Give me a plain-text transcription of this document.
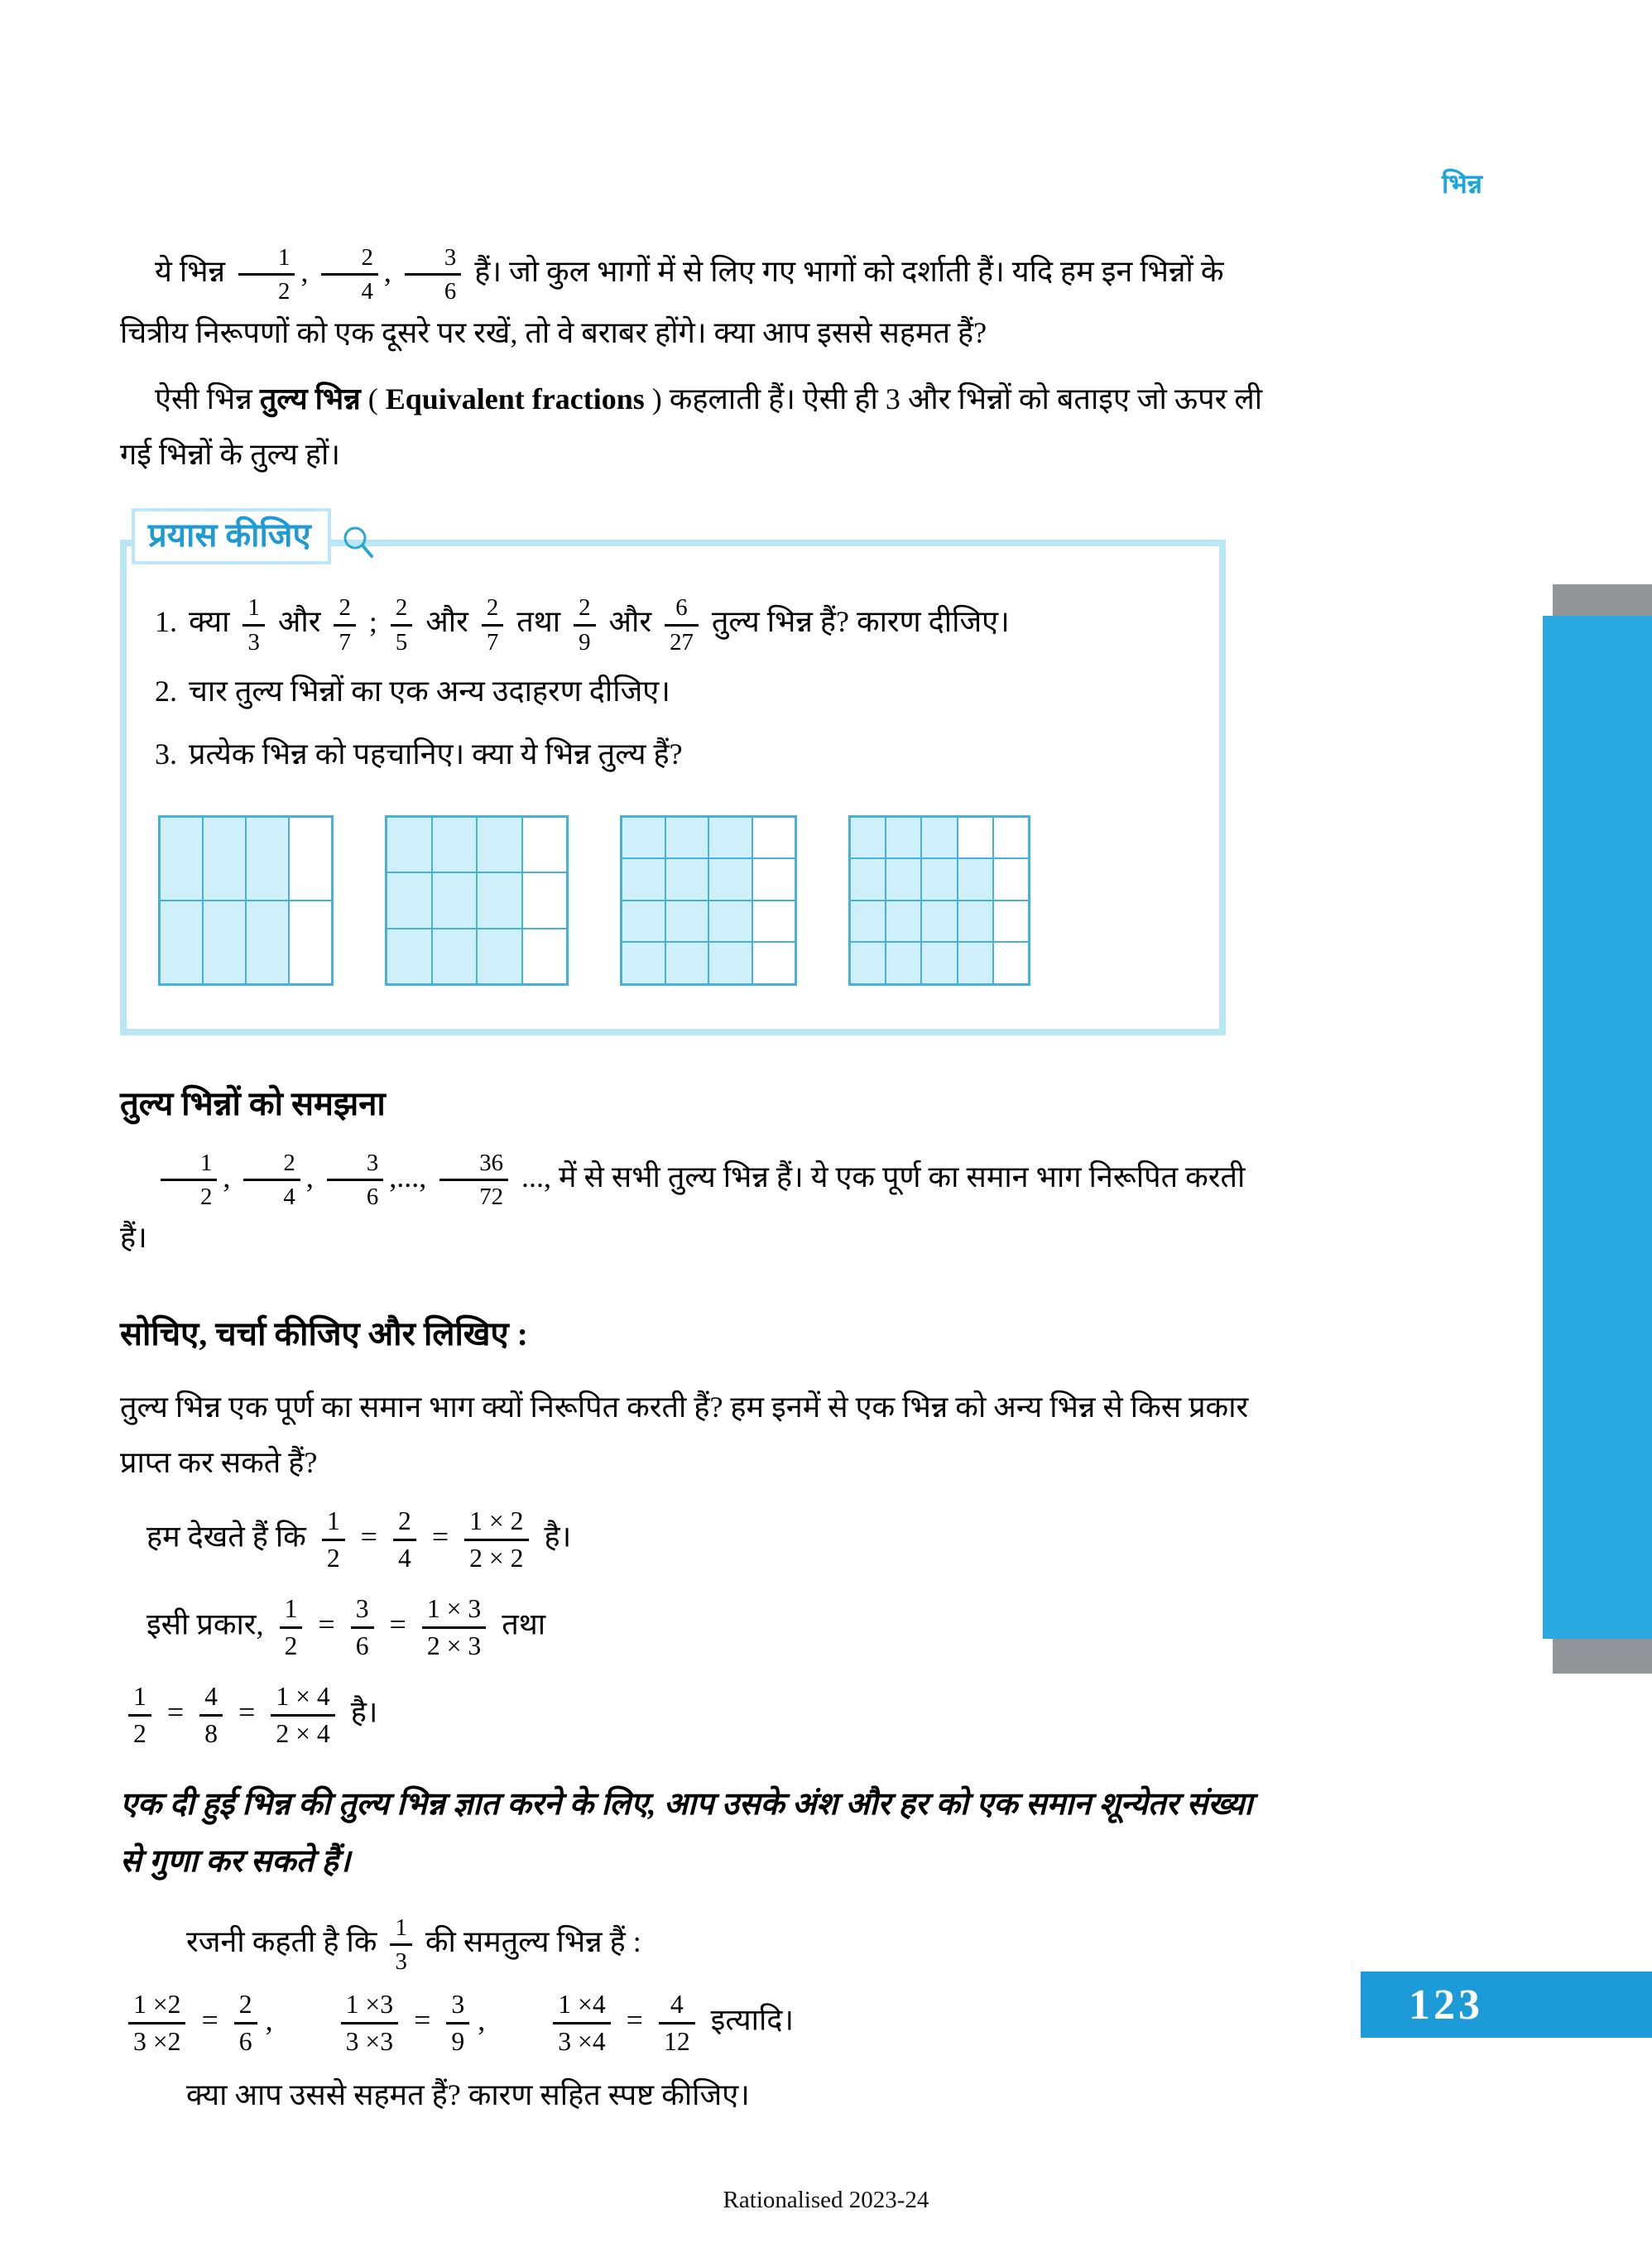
भिन्न

ये भिन्न $\frac{1}{2}$ , $\frac{2}{4}$ , $\frac{3}{6}$ हैं। जो कुल भागों में से लिए गए भागों को दर्शाती हैं। यदि हम इन भिन्नों के चित्रीय निरूपणों को एक दूसरे पर रखें, तो वे बराबर होंगे। क्या आप इससे सहमत हैं?

ऐसी भिन्न तुल्य भिन्न ( Equivalent fractions ) कहलाती हैं। ऐसी ही 3 और भिन्नों को बताइए जो ऊपर ली गई भिन्नों के तुल्य हों।

प्रयास कीजिए
1. क्या $\frac{1}{3}$ और $\frac{2}{7}$ ; $\frac{2}{5}$ और $\frac{2}{7}$ तथा $\frac{2}{9}$ और $\frac{6}{27}$ तुल्य भिन्न हैं? कारण दीजिए।
2. चार तुल्य भिन्नों का एक अन्य उदाहरण दीजिए।
3. प्रत्येक भिन्न को पहचानिए। क्या ये भिन्न तुल्य हैं?
तुल्य भिन्नों को समझना

$\frac{1}{2}$ , $\frac{2}{4}$ , $\frac{3}{6}$ ,..., $\frac{36}{72}$ ..., में से सभी तुल्य भिन्न हैं। ये एक पूर्ण का समान भाग निरूपित करती हैं।

सोचिए, चर्चा कीजिए और लिखिए :

तुल्य भिन्न एक पूर्ण का समान भाग क्यों निरूपित करती हैं? हम इनमें से एक भिन्न को अन्य भिन्न से किस प्रकार प्राप्त कर सकते हैं?

हम देखते हैं कि $\frac{1}{2} = \frac{2}{4} = \frac{1 \times 2}{2 \times 2}$ है।

इसी प्रकार, $\frac{1}{2} = \frac{3}{6} = \frac{1 \times 3}{2 \times 3}$ तथा

$\frac{1}{2} = \frac{4}{8} = \frac{1 \times 4}{2 \times 4}$ है।

एक दी हुई भिन्न की तुल्य भिन्न ज्ञात करने के लिए, आप उसके अंश और हर को एक समान शून्येतर संख्या से गुणा कर सकते हैं।

रजनी कहती है कि $\frac{1}{3}$ की समतुल्य भिन्न हैं :

$\frac{1 \times 2}{3 \times 2} = \frac{2}{6}$ , $\frac{1 \times 3}{3 \times 3} = \frac{3}{9}$ , $\frac{1 \times 4}{3 \times 4} = \frac{4}{12}$ इत्यादि।

क्या आप उससे सहमत हैं? कारण सहित स्पष्ट कीजिए।

123
Rationalised 2023-24
